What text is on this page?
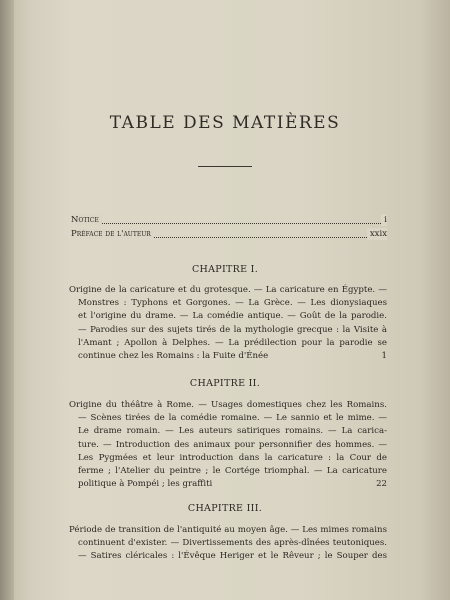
TABLE DES MATIÈRES
Notice	i
Préface de l'auteur	xxix
CHAPITRE I.
Origine de la caricature et du grotesque. — La caricature en Égypte. —
Monstres : Typhons et Gorgones. — La Grèce. — Les dionysiaques
et l'origine du drame. — La comédie antique. — Goût de la parodie.
— Parodies sur des sujets tirés de la mythologie grecque : la Visite à
l'Amant ; Apollon à Delphes. — La prédilection pour la parodie se
continue chez les Romains : la Fuite d'Énée	1
CHAPITRE II.
Origine du théâtre à Rome. — Usages domestiques chez les Romains.
— Scènes tirées de la comédie romaine. — Le sannio et le mime. —
Le drame romain. — Les auteurs satiriques romains. — La carica-
ture. — Introduction des animaux pour personnifier des hommes. —
Les Pygmées et leur introduction dans la caricature : la Cour de
ferme ; l'Atelier du peintre ; le Cortége triomphal. — La caricature
politique à Pompéi ; les graffiti	22
CHAPITRE III.
Période de transition de l'antiquité au moyen âge. — Les mimes romains
continuent d'exister. — Divertissements des après-dînées teutoniques.
— Satires cléricales : l'Évêque Heriger et le Rêveur ; le Souper des
